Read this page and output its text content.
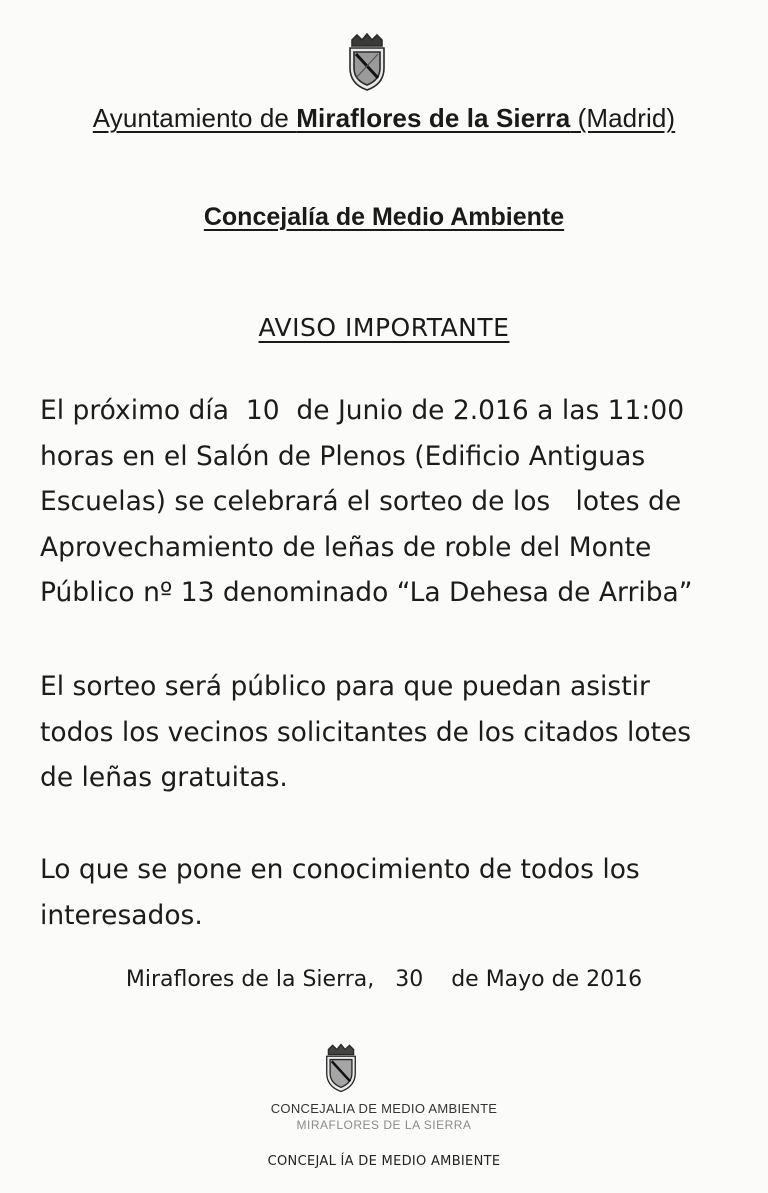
Ayuntamiento de Miraflores de la Sierra (Madrid)
Concejalía de Medio Ambiente
AVISO IMPORTANTE
El próximo día  10  de Junio de 2.016 a las 11:00
horas en el Salón de Plenos (Edificio Antiguas
Escuelas) se celebrará el sorteo de los   lotes de
Aprovechamiento de leñas de roble del Monte
Público nº 13 denominado “La Dehesa de Arriba”
El sorteo será público para que puedan asistir
todos los vecinos solicitantes de los citados lotes
de leñas gratuitas.
Lo que se pone en conocimiento de todos los
interesados.
Miraflores de la Sierra,   30    de Mayo de 2016
CONCEJALIA DE MEDIO AMBIENTE
MIRAFLORES DE LA SIERRA
CONCEJAL ÍA DE MEDIO AMBIENTE
